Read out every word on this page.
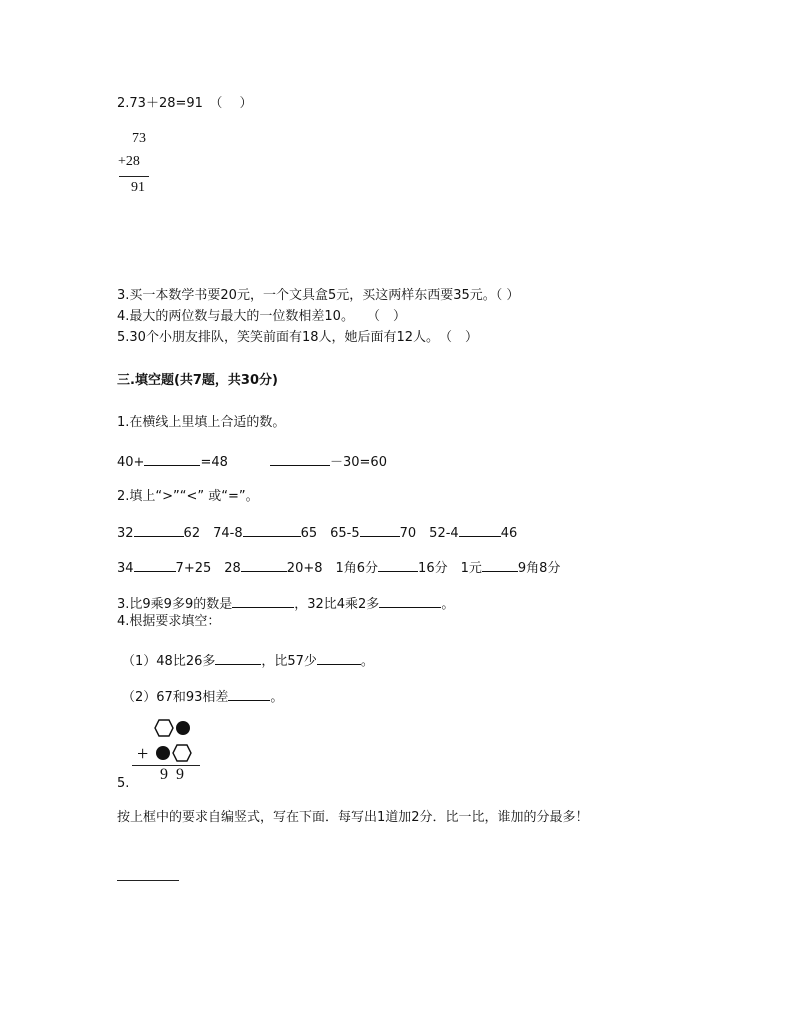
2.73＋28=91　（　 ）
73
+28
91
3.买一本数学书要20元，一个文具盒5元，买这两样东西要35元。（ ）
4.最大的两位数与最大的一位数相差10。　　（　）
5.30个小朋友排队，笑笑前面有18人，她后面有12人。　（　）
三.填空题(共7题，共30分)
1.在横线上里填上合适的数。
40+	=48	－30=60
2.填上“>”“<” 或“=”。
32	62　74-8	65　65-5	70　52-4	46
34	7+25　28	20+8　1角6分	16分　1元	9角8分
3.比9乘9多9的数是	，32比4乘2多	。
4.根据要求填空：
（1）48比26多	，比57少	。
（2）67和93相差	。
+
9 9
5.
按上框中的要求自编竖式，写在下面．每写出1道加2分．比一比，谁加的分最多！
